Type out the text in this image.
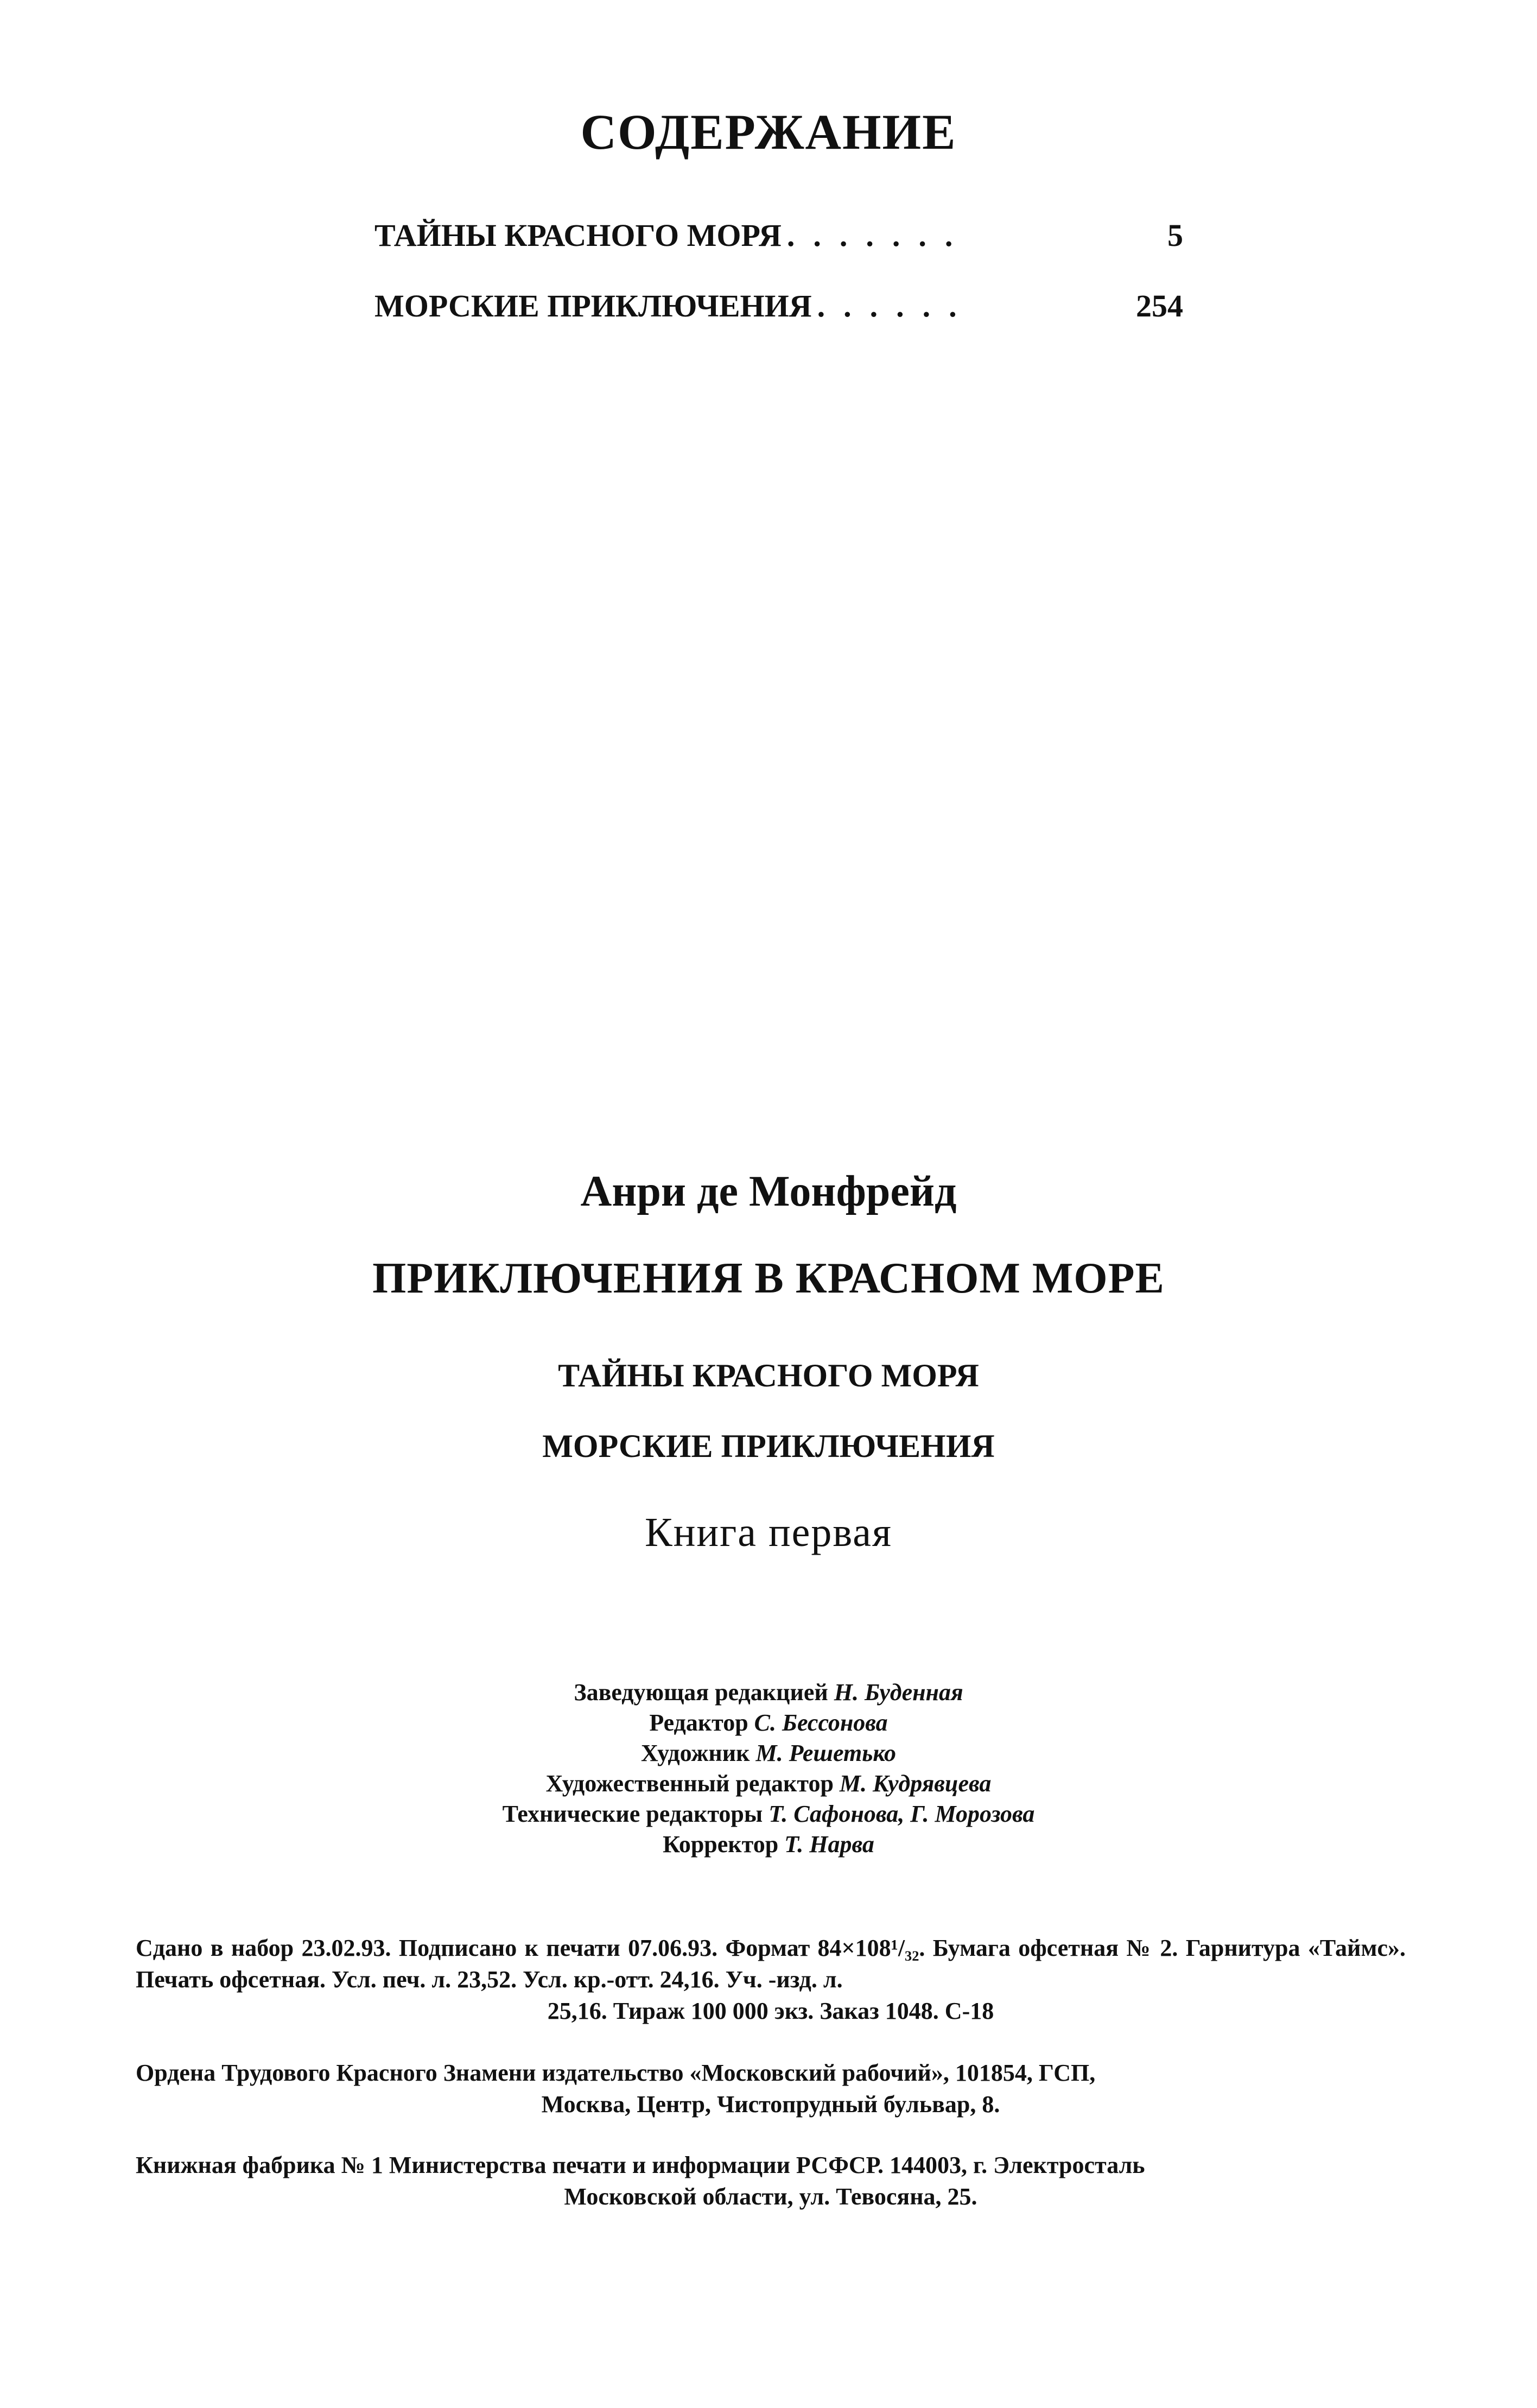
СОДЕРЖАНИЕ
ТАЙНЫ КРАСНОГО МОРЯ .......	5
МОРСКИЕ ПРИКЛЮЧЕНИЯ ......	254
Анри де Монфрейд
ПРИКЛЮЧЕНИЯ В КРАСНОМ МОРЕ
ТАЙНЫ КРАСНОГО МОРЯ
МОРСКИЕ ПРИКЛЮЧЕНИЯ
Книга первая
Заведующая редакцией Н. Буденная
Редактор С. Бессонова
Художник М. Решетько
Художественный редактор М. Кудрявцева
Технические редакторы Т. Сафонова, Г. Морозова
Корректор Т. Нарва
Сдано в набор 23.02.93. Подписано к печати 07.06.93. Формат 84×108¹/₃₂. Бумага офсетная № 2. Гарнитура «Таймс». Печать офсетная. Усл. печ. л. 23,52. Усл. кр.-отт. 24,16. Уч. -изд. л.
25,16. Тираж 100 000 экз. Заказ 1048. С-18
Ордена Трудового Красного Знамени издательство «Московский рабочий», 101854, ГСП,
Москва, Центр, Чистопрудный бульвар, 8.
Книжная фабрика № 1 Министерства печати и информации РСФСР. 144003, г. Электросталь
Московской области, ул. Тевосяна, 25.
